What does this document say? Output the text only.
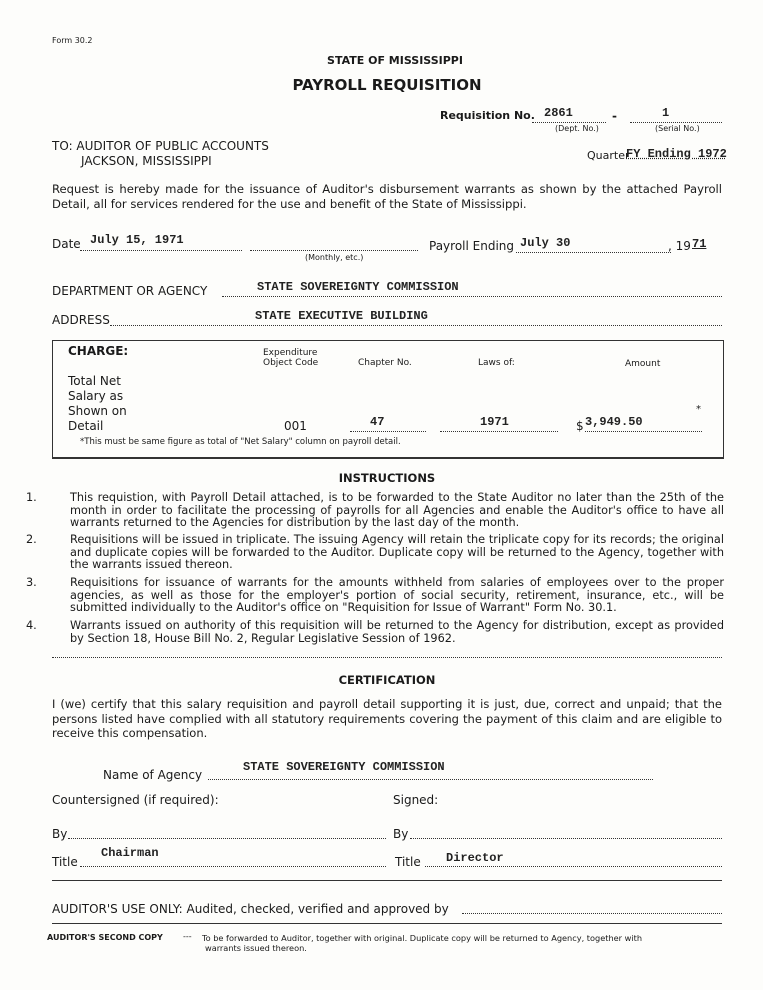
Form 30.2
STATE OF MISSISSIPPI
PAYROLL REQUISITION
Requisition No. 2861
(Dept. No.)
-	1
(Serial No.)
TO: AUDITOR OF PUBLIC ACCOUNTS
JACKSON, MISSISSIPPI	Quarter
FY Ending 1972
Request is hereby made for the issuance of Auditor's disbursement warrants as shown by the attached Payroll Detail, all for services rendered for the use and benefit of the State of Mississippi.
Date July 15, 1971
(Monthly, etc.)
Payroll Ending July 30	, 19 71
DEPARTMENT OR AGENCY	STATE SOVEREIGNTY COMMISSION
ADDRESS	STATE EXECUTIVE BUILDING
CHARGE:
Total Net
Salary as
Shown on
Detail
Expenditure
Object Code	Chapter No.	Laws of:	Amount
001	47	1971	$ 3,949.50
*
*This must be same figure as total of "Net Salary" column on payroll detail.
INSTRUCTIONS
1.	This requistion, with Payroll Detail attached, is to be forwarded to the State Auditor no later than the 25th of the month in order to facilitate the processing of payrolls for all Agencies and enable the Auditor's office to have all warrants returned to the Agencies for distribution by the last day of the month.
2.	Requisitions will be issued in triplicate. The issuing Agency will retain the triplicate copy for its records; the original and duplicate copies will be forwarded to the Auditor. Duplicate copy will be returned to the Agency, together with the warrants issued thereon.
3.	Requisitions for issuance of warrants for the amounts withheld from salaries of employees over to the proper agencies, as well as those for the employer's portion of social security, retirement, insurance, etc., will be submitted individually to the Auditor's office on "Requisition for Issue of Warrant" Form No. 30.1.
4.	Warrants issued on authority of this requisition will be returned to the Agency for distribution, except as provided by Section 18, House Bill No. 2, Regular Legislative Session of 1962.
CERTIFICATION
I (we) certify that this salary requisition and payroll detail supporting it is just, due, correct and unpaid; that the persons listed have complied with all statutory requirements covering the payment of this claim and are eligible to receive this compensation.
Name of Agency
STATE SOVEREIGNTY COMMISSION
Countersigned (if required):	Signed:
By	By
Title
Chairman
Title Director
AUDITOR'S USE ONLY: Audited, checked, verified and approved by
AUDITOR'S SECOND COPY	--- To be forwarded to Auditor, together with original. Duplicate copy will be returned to Agency, together with
warrants issued thereon.
